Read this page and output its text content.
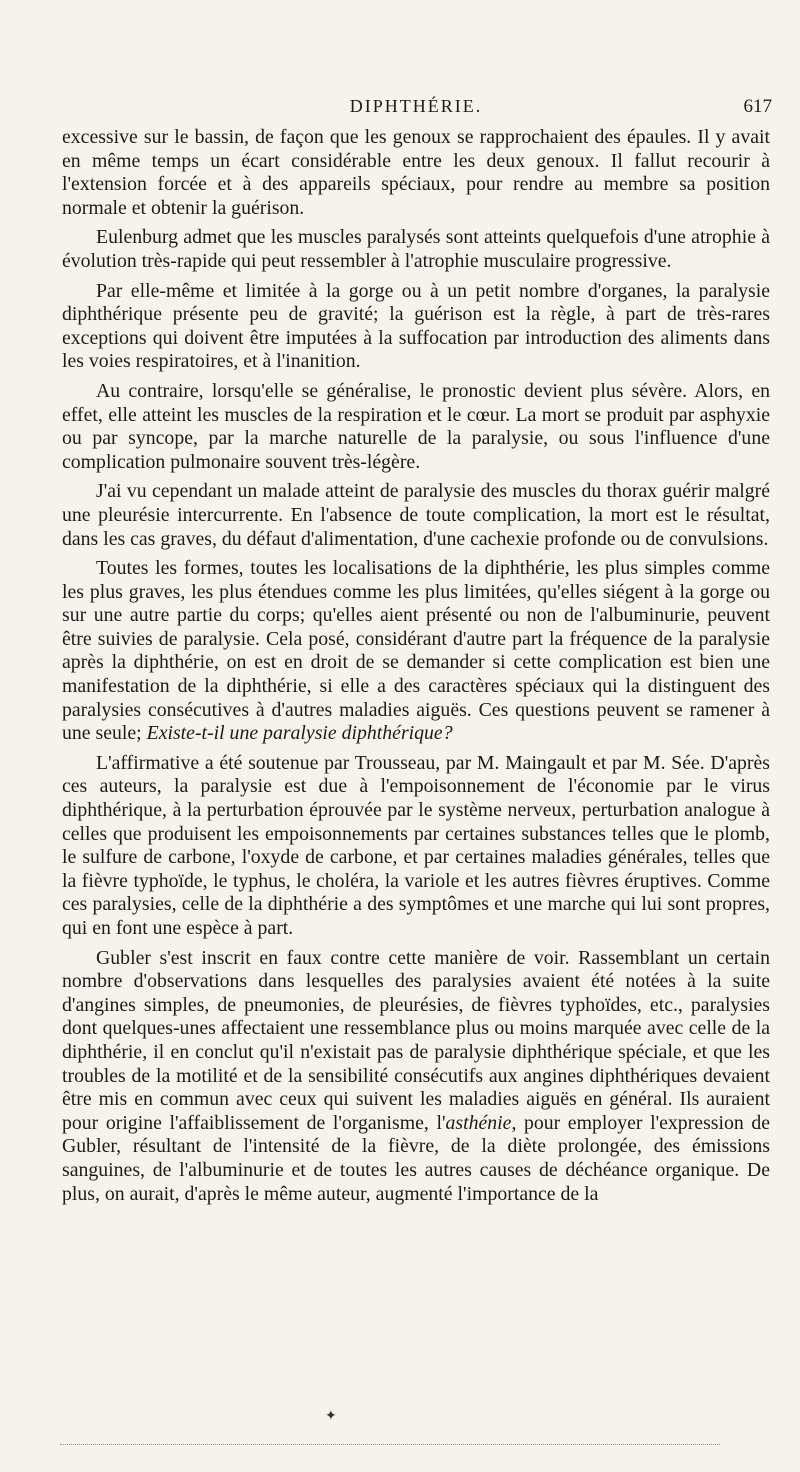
DIPHTHÉRIE.	617

excessive sur le bassin, de façon que les genoux se rapprochaient des épaules. Il y avait en même temps un écart considérable entre les deux genoux. Il fallut recourir à l'extension forcée et à des appareils spéciaux, pour rendre au membre sa position normale et obtenir la guérison.

Eulenburg admet que les muscles paralysés sont atteints quelquefois d'une atrophie à évolution très-rapide qui peut ressembler à l'atrophie musculaire progressive.

Par elle-même et limitée à la gorge ou à un petit nombre d'organes, la paralysie diphthérique présente peu de gravité; la guérison est la règle, à part de très-rares exceptions qui doivent être imputées à la suffocation par introduction des aliments dans les voies respiratoires, et à l'inanition.

Au contraire, lorsqu'elle se généralise, le pronostic devient plus sévère. Alors, en effet, elle atteint les muscles de la respiration et le cœur. La mort se produit par asphyxie ou par syncope, par la marche naturelle de la paralysie, ou sous l'influence d'une complication pulmonaire souvent très-légère.

J'ai vu cependant un malade atteint de paralysie des muscles du thorax guérir malgré une pleurésie intercurrente. En l'absence de toute complication, la mort est le résultat, dans les cas graves, du défaut d'alimentation, d'une cachexie profonde ou de convulsions.

Toutes les formes, toutes les localisations de la diphthérie, les plus simples comme les plus graves, les plus étendues comme les plus limitées, qu'elles siégent à la gorge ou sur une autre partie du corps; qu'elles aient présenté ou non de l'albuminurie, peuvent être suivies de paralysie. Cela posé, considérant d'autre part la fréquence de la paralysie après la diphthérie, on est en droit de se demander si cette complication est bien une manifestation de la diphthérie, si elle a des caractères spéciaux qui la distinguent des paralysies consécutives à d'autres maladies aiguës. Ces questions peuvent se ramener à une seule; Existe-t-il une paralysie diphthérique?

L'affirmative a été soutenue par Trousseau, par M. Maingault et par M. Sée. D'après ces auteurs, la paralysie est due à l'empoisonnement de l'économie par le virus diphthérique, à la perturbation éprouvée par le système nerveux, perturbation analogue à celles que produisent les empoisonnements par certaines substances telles que le plomb, le sulfure de carbone, l'oxyde de carbone, et par certaines maladies générales, telles que la fièvre typhoïde, le typhus, le choléra, la variole et les autres fièvres éruptives. Comme ces paralysies, celle de la diphthérie a des symptômes et une marche qui lui sont propres, qui en font une espèce à part.

Gubler s'est inscrit en faux contre cette manière de voir. Rassemblant un certain nombre d'observations dans lesquelles des paralysies avaient été notées à la suite d'angines simples, de pneumonies, de pleurésies, de fièvres typhoïdes, etc., paralysies dont quelques-unes affectaient une ressemblance plus ou moins marquée avec celle de la diphthérie, il en conclut qu'il n'existait pas de paralysie diphthérique spéciale, et que les troubles de la motilité et de la sensibilité consécutifs aux angines diphthériques devaient être mis en commun avec ceux qui suivent les maladies aiguës en général. Ils auraient pour origine l'affaiblissement de l'organisme, l'asthénie, pour employer l'expression de Gubler, résultant de l'intensité de la fièvre, de la diète prolongée, des émissions sanguines, de l'albuminurie et de toutes les autres causes de déchéance organique. De plus, on aurait, d'après le même auteur, augmenté l'importance de la

✦
